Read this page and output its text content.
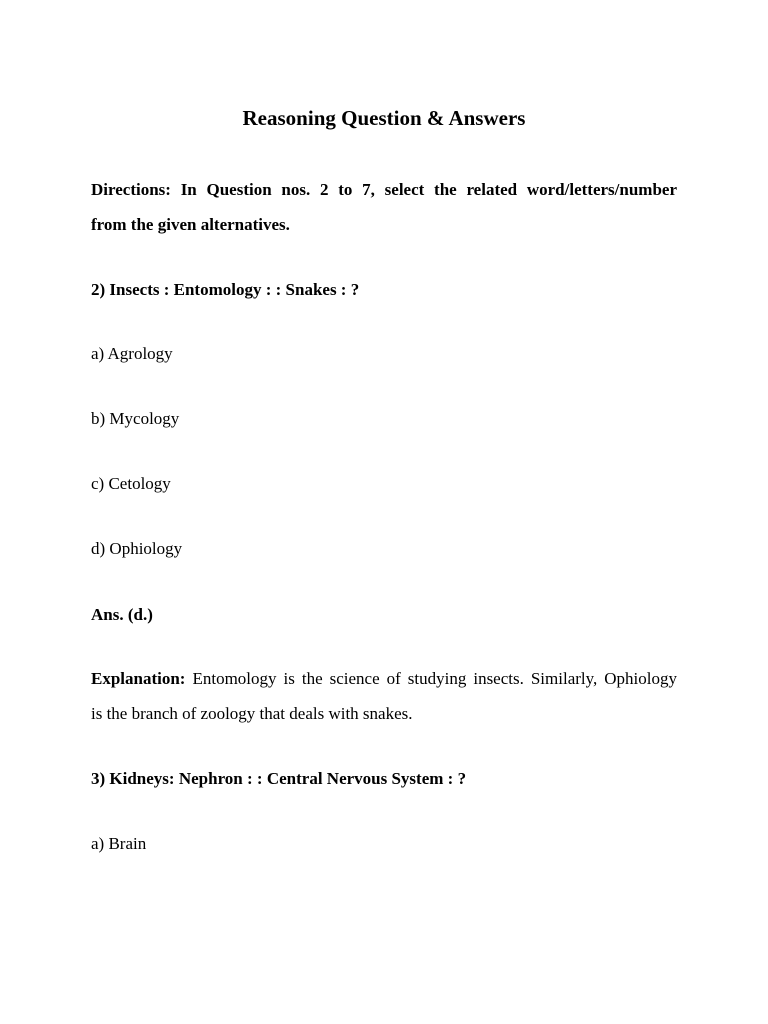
Reasoning Question & Answers
Directions: In Question nos. 2 to 7, select the related word/letters/number
from the given alternatives.
2) Insects : Entomology : : Snakes : ?
a) Agrology
b) Mycology
c) Cetology
d) Ophiology
Ans. (d.)
Explanation: Entomology is the science of studying insects. Similarly, Ophiology
is the branch of zoology that deals with snakes.
3) Kidneys: Nephron : : Central Nervous System : ?
a) Brain
